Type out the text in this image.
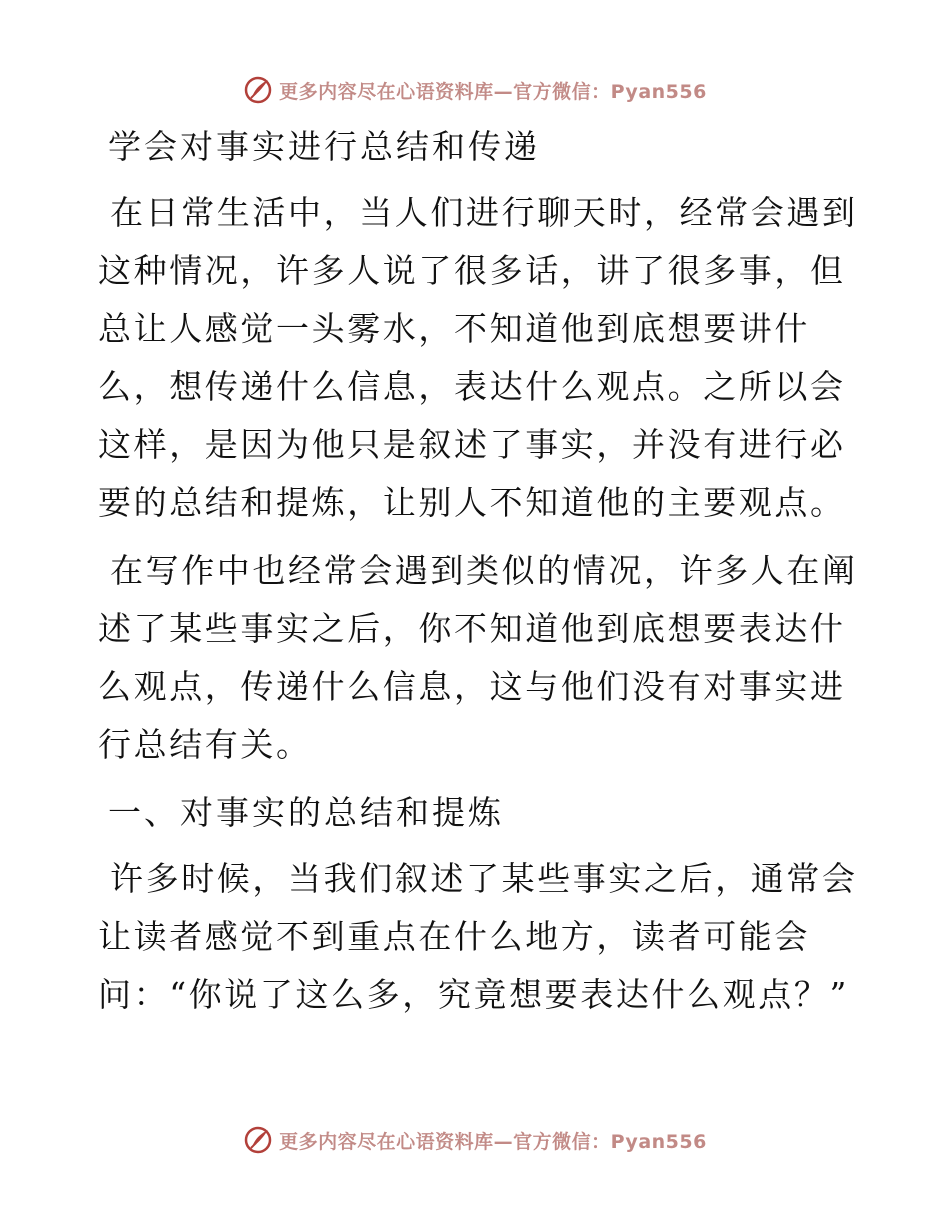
更多内容尽在心语资料库—官方微信：Pyan556
学会对事实进行总结和传递

在日常生活中，当人们进行聊天时，经常会遇到这种情况，许多人说了很多话，讲了很多事，但总让人感觉一头雾水，不知道他到底想要讲什么，想传递什么信息，表达什么观点。之所以会这样，是因为他只是叙述了事实，并没有进行必要的总结和提炼，让别人不知道他的主要观点。

在写作中也经常会遇到类似的情况，许多人在阐述了某些事实之后，你不知道他到底想要表达什么观点，传递什么信息，这与他们没有对事实进行总结有关。

一、对事实的总结和提炼

许多时候，当我们叙述了某些事实之后，通常会让读者感觉不到重点在什么地方，读者可能会问：“你说了这么多，究竟想要表达什么观点？”

更多内容尽在心语资料库—官方微信：Pyan556
